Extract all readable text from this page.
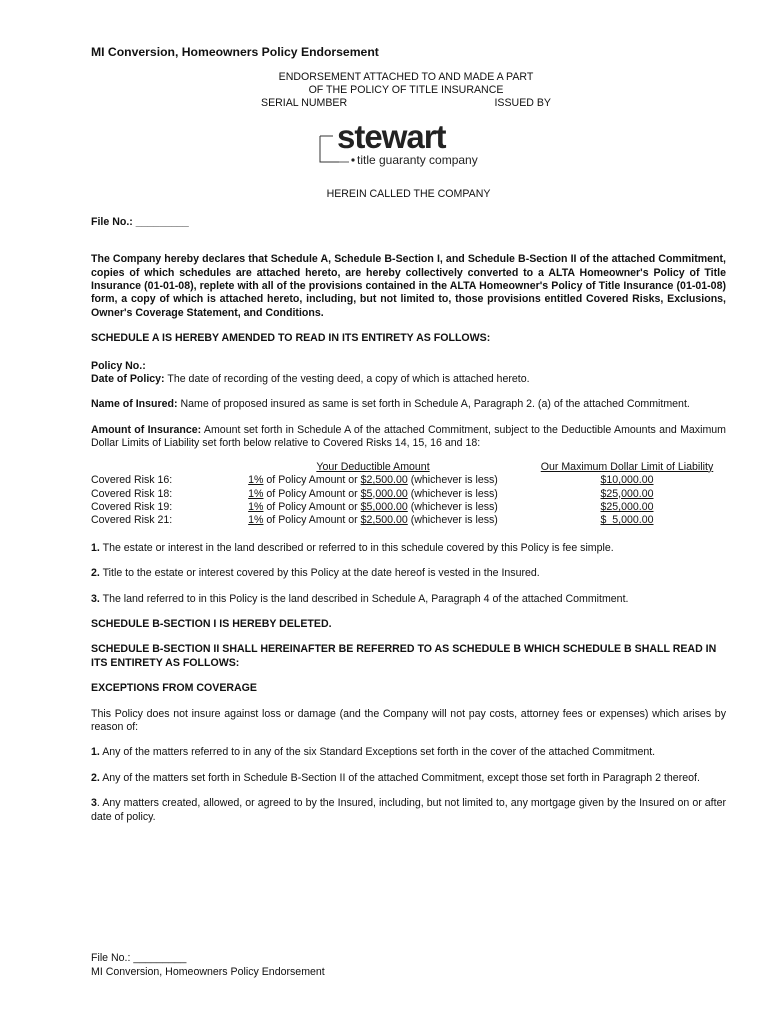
MI Conversion, Homeowners Policy Endorsement

ENDORSEMENT ATTACHED TO AND MADE A PART
OF THE POLICY OF TITLE INSURANCE
SERIAL NUMBER	ISSUED BY
stewart
title guaranty company
HEREIN CALLED THE COMPANY

File No.: _________

The Company hereby declares that Schedule A, Schedule B-Section I, and Schedule B-Section II of the attached Commitment, copies of which schedules are attached hereto, are hereby collectively converted to a ALTA Homeowner's Policy of Title Insurance (01-01-08), replete with all of the provisions contained in the ALTA Homeowner's Policy of Title Insurance (01-01-08) form, a copy of which is attached hereto, including, but not limited to, those provisions entitled Covered Risks, Exclusions, Owner's Coverage Statement, and Conditions.

SCHEDULE A IS HEREBY AMENDED TO READ IN ITS ENTIRETY AS FOLLOWS:

Policy No.:

Date of Policy: The date of recording of the vesting deed, a copy of which is attached hereto.

Name of Insured: Name of proposed insured as same is set forth in Schedule A, Paragraph 2. (a) of the attached Commitment.

Amount of Insurance: Amount set forth in Schedule A of the attached Commitment, subject to the Deductible Amounts and Maximum Dollar Limits of Liability set forth below relative to Covered Risks 14, 15, 16 and 18:

	Your Deductible Amount	Our Maximum Dollar Limit of Liability
Covered Risk 16:	1% of Policy Amount or $2,500.00 (whichever is less)	$10,000.00
Covered Risk 18:	1% of Policy Amount or $5,000.00 (whichever is less)	$25,000.00
Covered Risk 19:	1% of Policy Amount or $5,000.00 (whichever is less)	$25,000.00
Covered Risk 21:	1% of Policy Amount or $2,500.00 (whichever is less)	$  5,000.00

1. The estate or interest in the land described or referred to in this schedule covered by this Policy is fee simple.

2. Title to the estate or interest covered by this Policy at the date hereof is vested in the Insured.

3. The land referred to in this Policy is the land described in Schedule A, Paragraph 4 of the attached Commitment.

SCHEDULE B-SECTION I IS HEREBY DELETED.

SCHEDULE B-SECTION II SHALL HEREINAFTER BE REFERRED TO AS SCHEDULE B WHICH SCHEDULE B SHALL READ IN ITS ENTIRETY AS FOLLOWS:

EXCEPTIONS FROM COVERAGE

This Policy does not insure against loss or damage (and the Company will not pay costs, attorney fees or expenses) which arises by reason of:

1. Any of the matters referred to in any of the six Standard Exceptions set forth in the cover of the attached Commitment.

2. Any of the matters set forth in Schedule B-Section II of the attached Commitment, except those set forth in Paragraph 2 thereof.

3. Any matters created, allowed, or agreed to by the Insured, including, but not limited to, any mortgage given by the Insured on or after date of policy.

File No.: _________
MI Conversion, Homeowners Policy Endorsement
